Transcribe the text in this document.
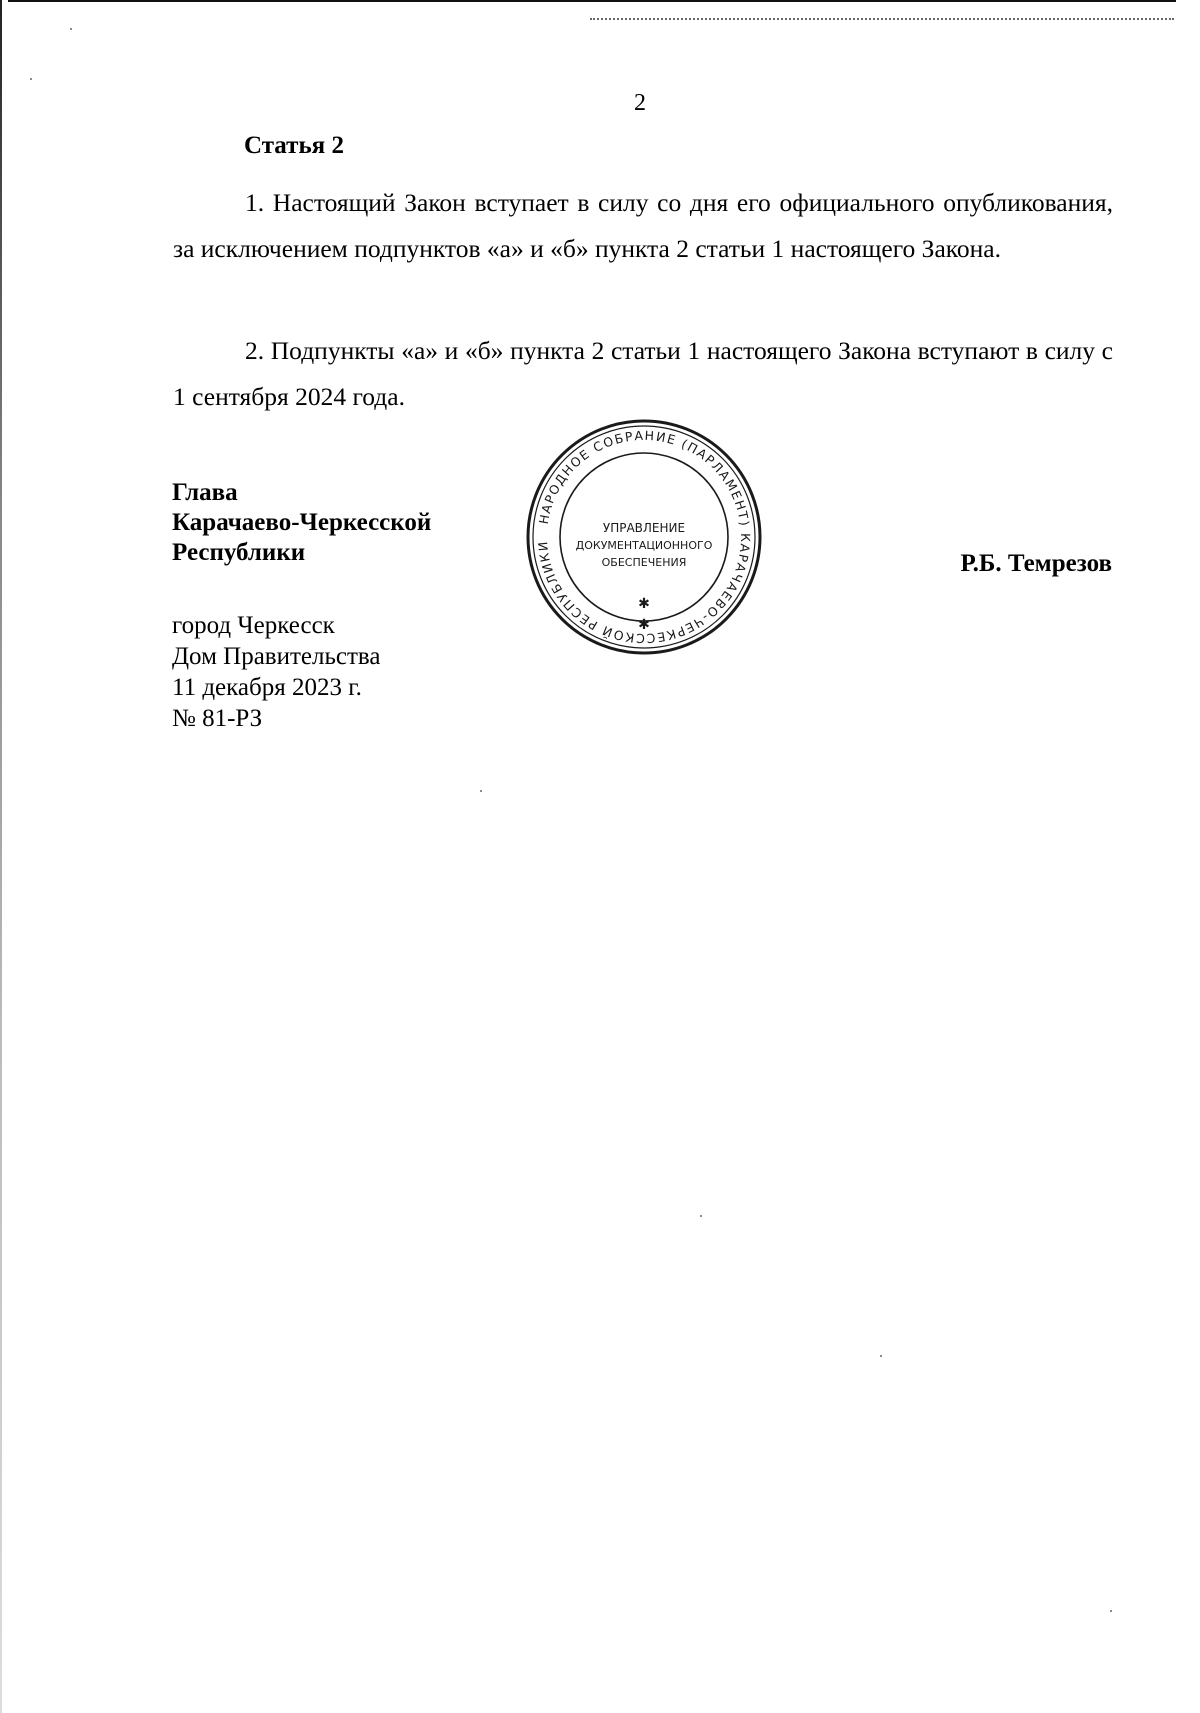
2
Статья 2

1. Настоящий Закон вступает в силу со дня его официального опубликования, за исключением подпунктов «а» и «б» пункта 2 статьи 1 настоящего Закона.

2. Подпункты «а» и «б» пункта 2 статьи 1 настоящего Закона вступают в силу с 1 сентября 2024 года.

Глава
Карачаево-Черкесской
Республики	Р.Б. Темрезов
город Черкесск
Дом Правительства
11 декабря 2023 г.
№ 81-РЗ
НАРОДНОЕ СОБРАНИЕ (ПАРЛАМЕНТ) КАРАЧАЕВО-ЧЕРКЕССКОЙ РЕСПУБЛИКИ
УПРАВЛЕНИЕ
ДОКУМЕНТАЦИОННОГО
ОБЕСПЕЧЕНИЯ
✱
✱
